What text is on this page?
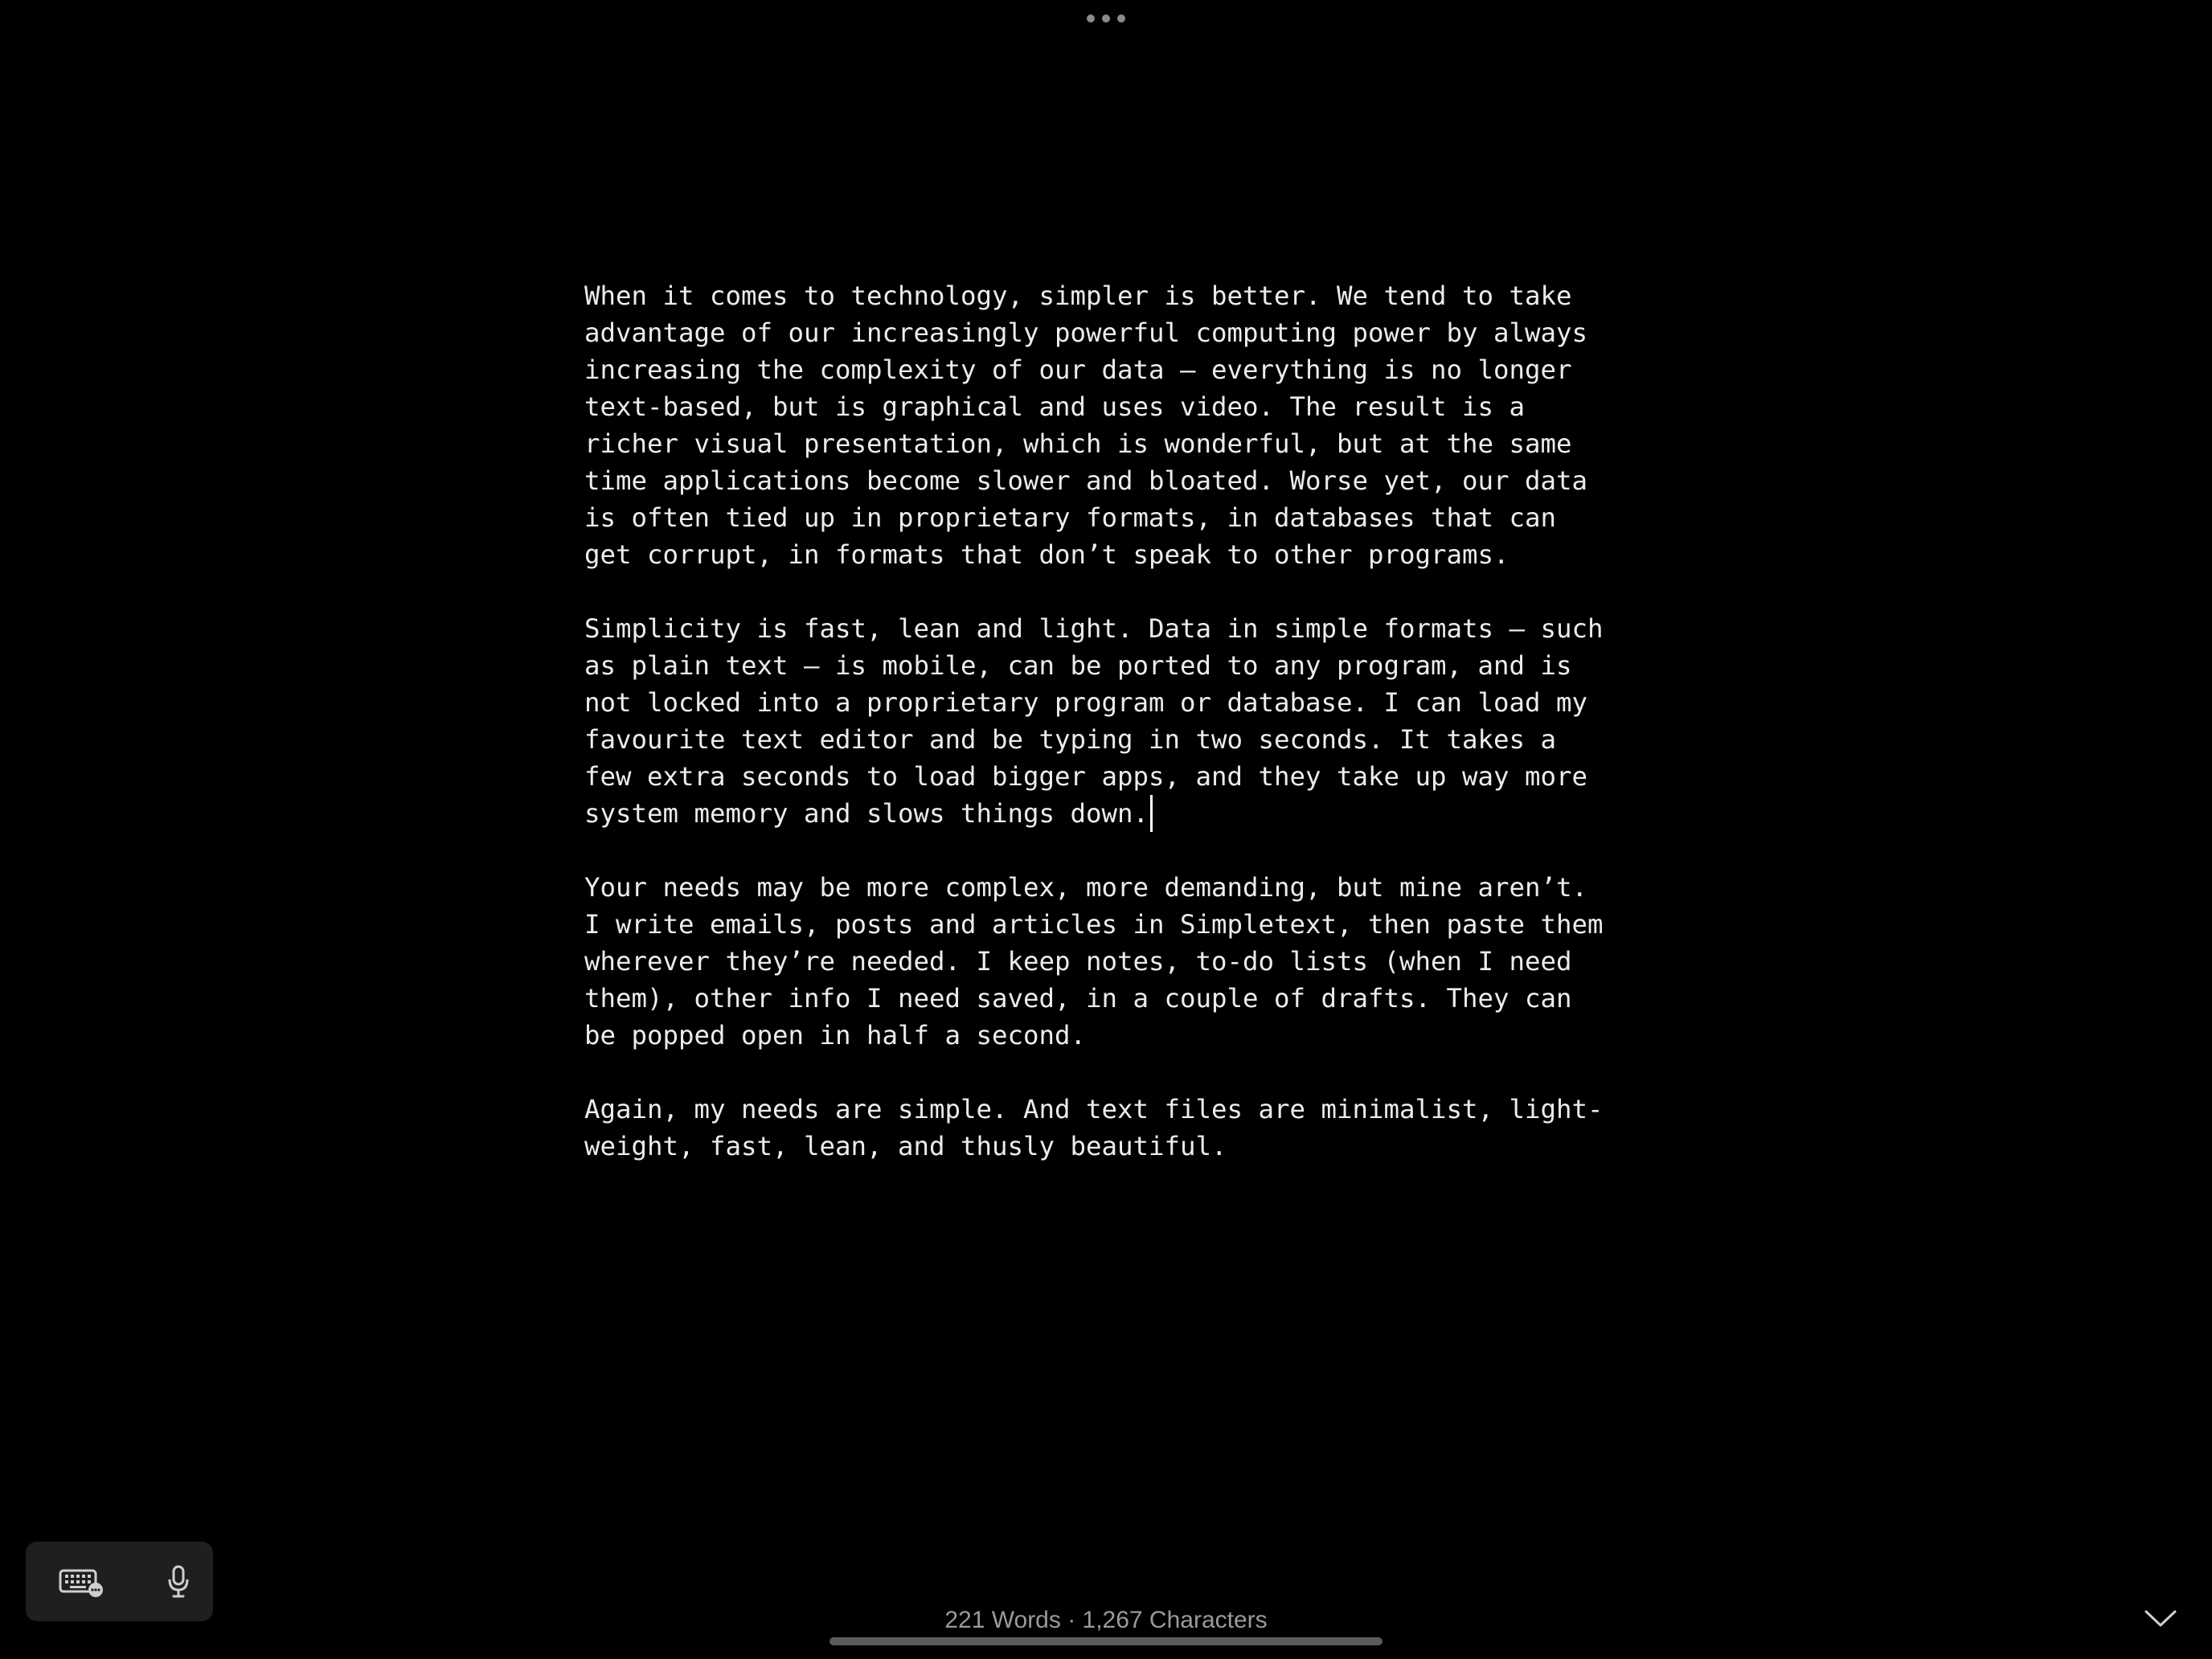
When it comes to technology, simpler is better. We tend to take
advantage of our increasingly powerful computing power by always
increasing the complexity of our data — everything is no longer
text-based, but is graphical and uses video. The result is a
richer visual presentation, which is wonderful, but at the same
time applications become slower and bloated. Worse yet, our data
is often tied up in proprietary formats, in databases that can
get corrupt, in formats that don’t speak to other programs.
Simplicity is fast, lean and light. Data in simple formats — such
as plain text — is mobile, can be ported to any program, and is
not locked into a proprietary program or database. I can load my
favourite text editor and be typing in two seconds. It takes a
few extra seconds to load bigger apps, and they take up way more
system memory and slows things down.
Your needs may be more complex, more demanding, but mine aren’t.
I write emails, posts and articles in Simpletext, then paste them
wherever they’re needed. I keep notes, to-do lists (when I need
them), other info I need saved, in a couple of drafts. They can
be popped open in half a second.
Again, my needs are simple. And text files are minimalist, light-
weight, fast, lean, and thusly beautiful.
221 Words · 1,267 Characters
